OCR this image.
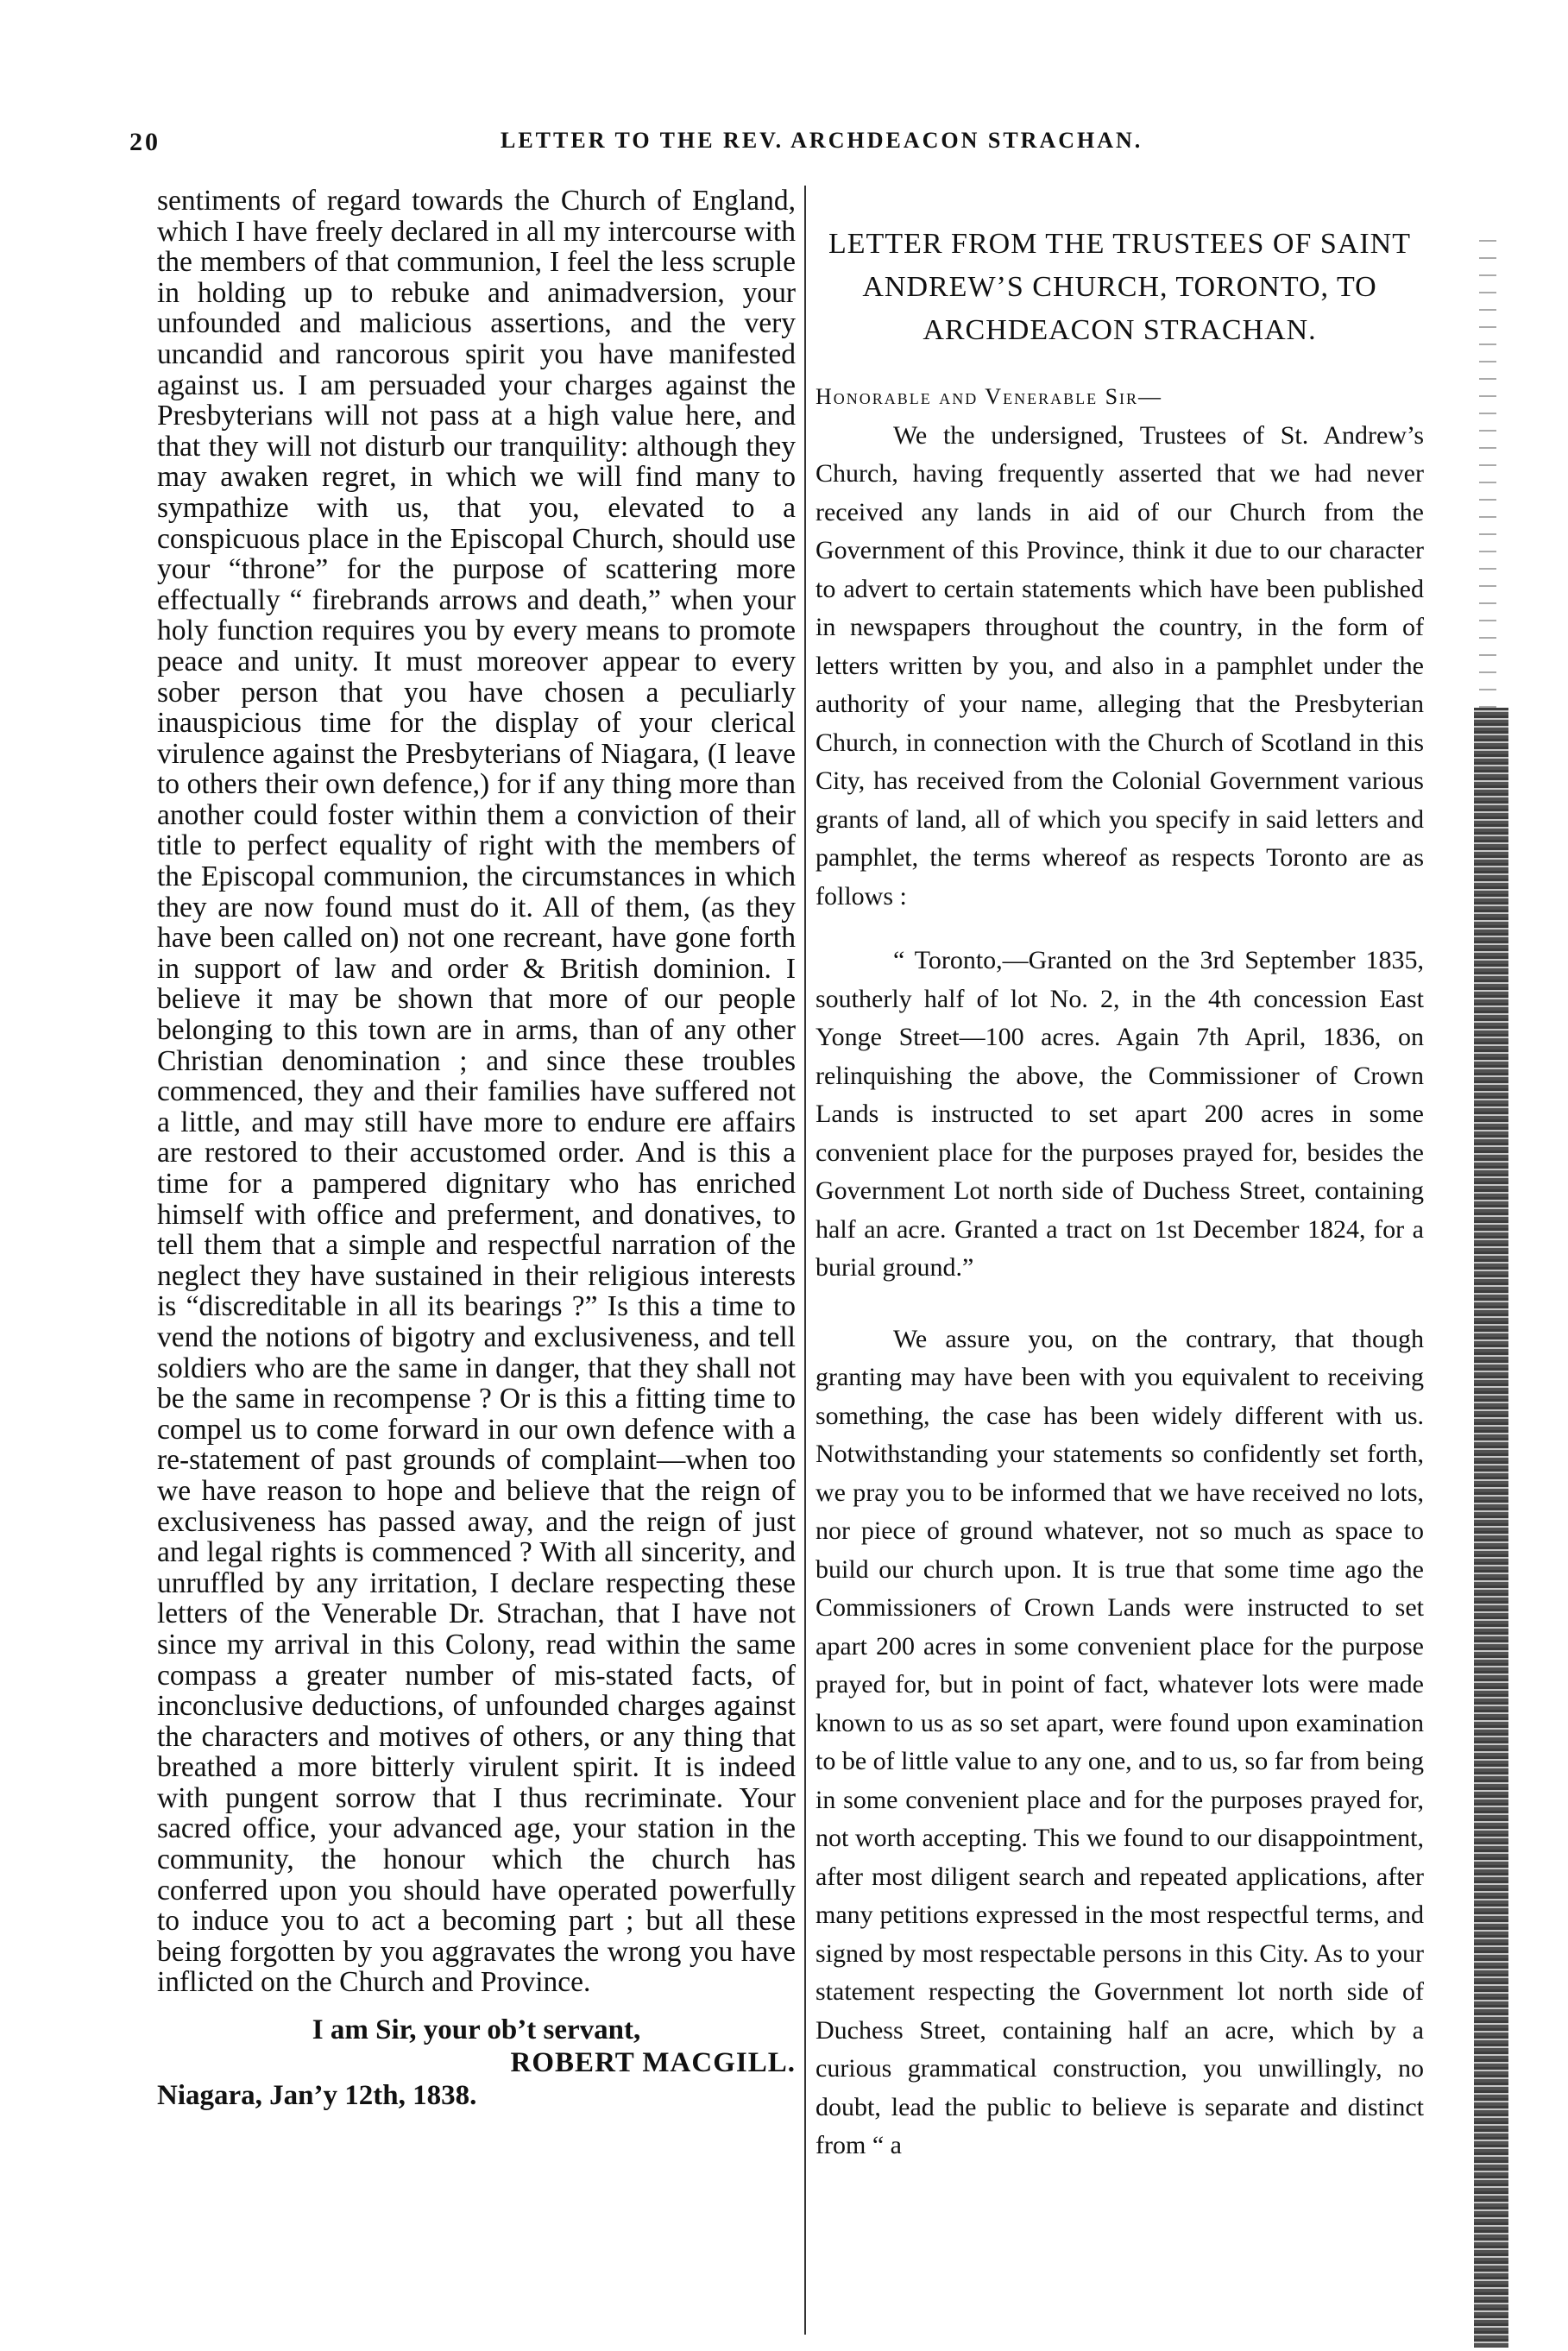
20	LETTER TO THE REV. ARCHDEACON STRACHAN.

sentiments of regard towards the Church of England, which I have freely declared in all my intercourse with the members of that communion, I feel the less scruple in holding up to rebuke and animadversion, your unfounded and malicious assertions, and the very uncandid and rancorous spirit you have manifested against us. I am persuaded your charges against the Presbyterians will not pass at a high value here, and that they will not disturb our tranquility: although they may awaken regret, in which we will find many to sympathize with us, that you, elevated to a conspicuous place in the Episcopal Church, should use your “throne” for the purpose of scattering more effectually “ firebrands arrows and death,” when your holy function requires you by every means to promote peace and unity. It must moreover appear to every sober person that you have chosen a peculiarly inauspicious time for the display of your clerical virulence against the Presbyterians of Niagara, (I leave to others their own defence,) for if any thing more than another could foster within them a conviction of their title to perfect equality of right with the members of the Episcopal communion, the circumstances in which they are now found must do it. All of them, (as they have been called on) not one recreant, have gone forth in support of law and order & British dominion. I believe it may be shown that more of our people belonging to this town are in arms, than of any other Christian denomination ; and since these troubles commenced, they and their families have suffered not a little, and may still have more to endure ere affairs are restored to their accustomed order. And is this a time for a pampered dignitary who has enriched himself with office and preferment, and donatives, to tell them that a simple and respectful narration of the neglect they have sustained in their religious interests is “discreditable in all its bearings ?” Is this a time to vend the notions of bigotry and exclusiveness, and tell soldiers who are the same in danger, that they shall not be the same in recompense ? Or is this a fitting time to compel us to come forward in our own defence with a re-statement of past grounds of complaint—when too we have reason to hope and believe that the reign of exclusiveness has passed away, and the reign of just and legal rights is commenced ? With all sincerity, and unruffled by any irritation, I declare respecting these letters of the Venerable Dr. Strachan, that I have not since my arrival in this Colony, read within the same compass a greater number of mis-stated facts, of inconclusive deductions, of unfounded charges against the characters and motives of others, or any thing that breathed a more bitterly virulent spirit. It is indeed with pungent sorrow that I thus recriminate. Your sacred office, your advanced age, your station in the community, the honour which the church has conferred upon you should have operated powerfully to induce you to act a becoming part ; but all these being forgotten by you aggravates the wrong you have inflicted on the Church and Province.

I am Sir, your ob’t servant,

ROBERT MACGILL.

Niagara, Jan’y 12th, 1838.

LETTER FROM THE TRUSTEES OF SAINT ANDREW’S CHURCH, TORONTO, TO ARCHDEACON STRACHAN.

Honorable and Venerable Sir—

We the undersigned, Trustees of St. Andrew’s Church, having frequently asserted that we had never received any lands in aid of our Church from the Government of this Province, think it due to our character to advert to certain statements which have been published in newspapers throughout the country, in the form of letters written by you, and also in a pamphlet under the authority of your name, alleging that the Presbyterian Church, in connection with the Church of Scotland in this City, has received from the Colonial Government various grants of land, all of which you specify in said letters and pamphlet, the terms whereof as respects Toronto are as follows :

“ Toronto,—Granted on the 3rd September 1835, southerly half of lot No. 2, in the 4th concession East Yonge Street—100 acres. Again 7th April, 1836, on relinquishing the above, the Commissioner of Crown Lands is instructed to set apart 200 acres in some convenient place for the purposes prayed for, besides the Government Lot north side of Duchess Street, containing half an acre. Granted a tract on 1st December 1824, for a burial ground.”

We assure you, on the contrary, that though granting may have been with you equivalent to receiving something, the case has been widely different with us. Notwithstanding your statements so confidently set forth, we pray you to be informed that we have received no lots, nor piece of ground whatever, not so much as space to build our church upon. It is true that some time ago the Commissioners of Crown Lands were instructed to set apart 200 acres in some convenient place for the purpose prayed for, but in point of fact, whatever lots were made known to us as so set apart, were found upon examination to be of little value to any one, and to us, so far from being in some convenient place and for the purposes prayed for, not worth accepting. This we found to our disappointment, after most diligent search and repeated applications, after many petitions expressed in the most respectful terms, and signed by most respectable persons in this City. As to your statement respecting the Government lot north side of Duchess Street, containing half an acre, which by a curious grammatical construction, you unwillingly, no doubt, lead the public to believe is separate and distinct from “ a
